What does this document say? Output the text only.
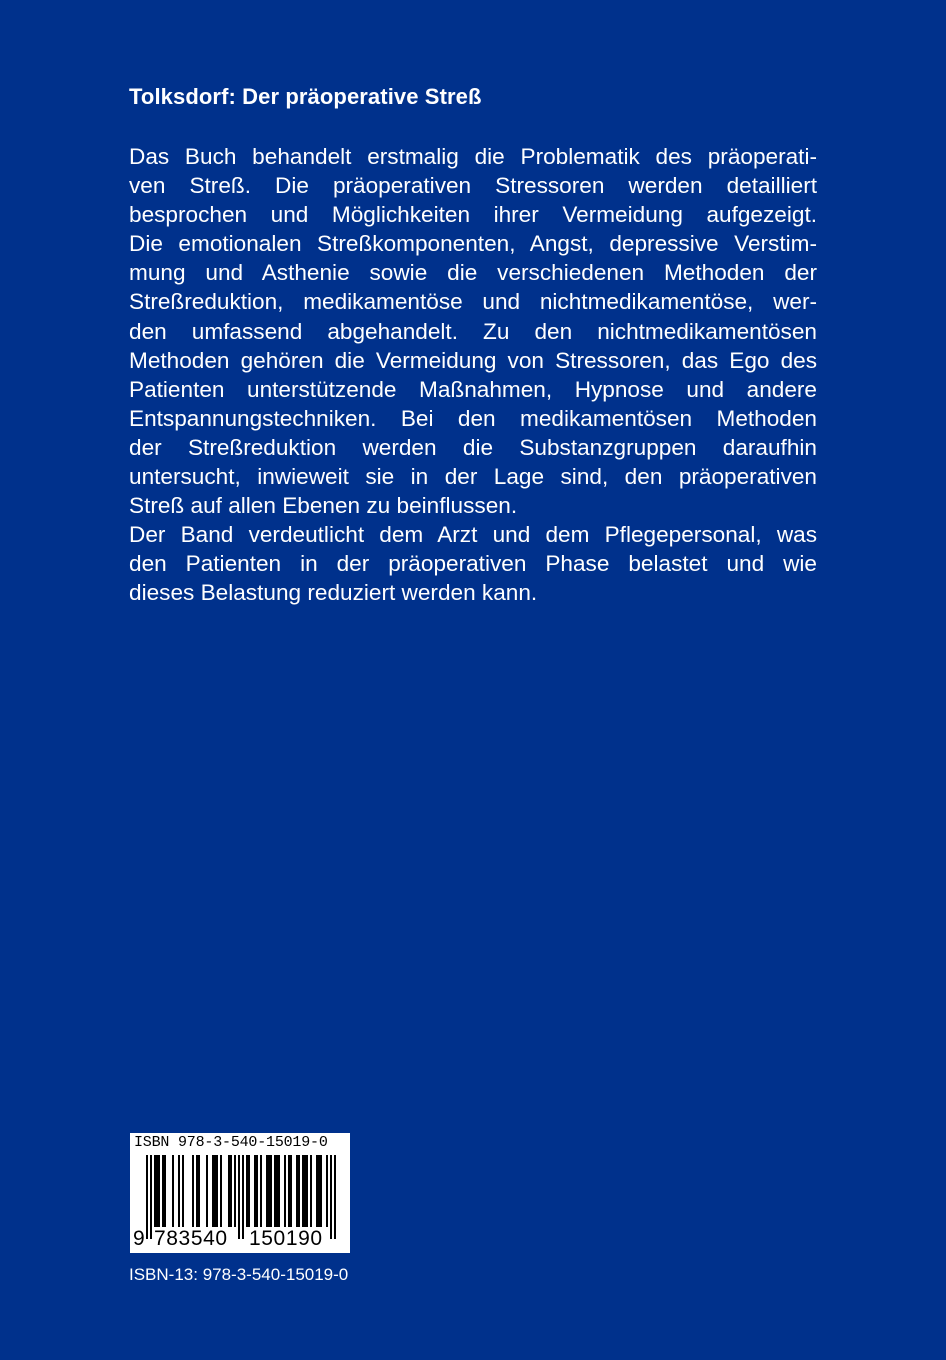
Tolksdorf: Der präoperative Streß
Das Buch behandelt erstmalig die Problematik des präoperati-
ven Streß. Die präoperativen Stressoren werden detailliert
besprochen und Möglichkeiten ihrer Vermeidung aufgezeigt.
Die emotionalen Streßkomponenten, Angst, depressive Verstim-
mung und Asthenie sowie die verschiedenen Methoden der
Streßreduktion, medikamentöse und nichtmedikamentöse, wer-
den umfassend abgehandelt. Zu den nichtmedikamentösen
Methoden gehören die Vermeidung von Stressoren, das Ego des
Patienten unterstützende Maßnahmen, Hypnose und andere
Entspannungstechniken. Bei den medikamentösen Methoden
der Streßreduktion werden die Substanzgruppen daraufhin
untersucht, inwieweit sie in der Lage sind, den präoperativen
Streß auf allen Ebenen zu beinflussen.
Der Band verdeutlicht dem Arzt und dem Pflegepersonal, was
den Patienten in der präoperativen Phase belastet und wie
dieses Belastung reduziert werden kann.
ISBN 978-3-540-15019-0
9 783540 150190
ISBN-13: 978-3-540-15019-0
